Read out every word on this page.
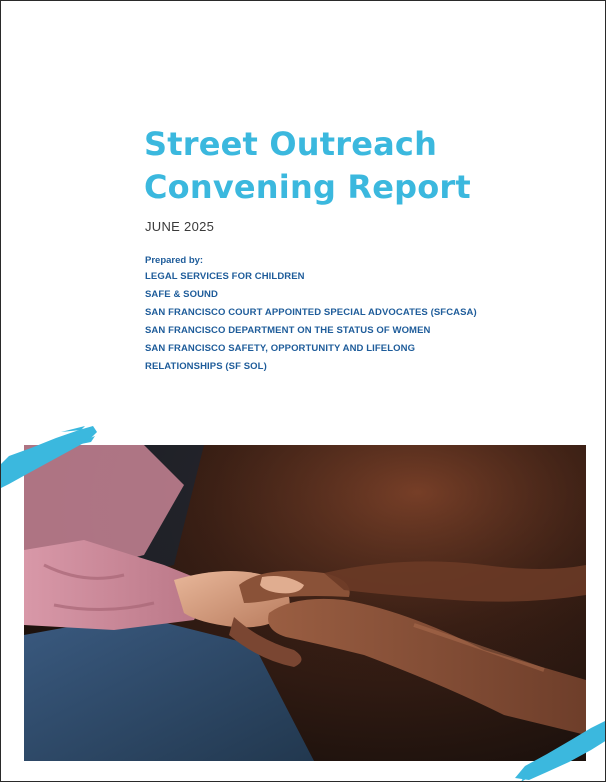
Street Outreach
Convening Report
JUNE 2025
Prepared by:
LEGAL SERVICES FOR CHILDREN
SAFE & SOUND
SAN FRANCISCO COURT APPOINTED SPECIAL ADVOCATES (SFCASA)
SAN FRANCISCO DEPARTMENT ON THE STATUS OF WOMEN
SAN FRANCISCO SAFETY, OPPORTUNITY AND LIFELONG
RELATIONSHIPS (SF SOL)
